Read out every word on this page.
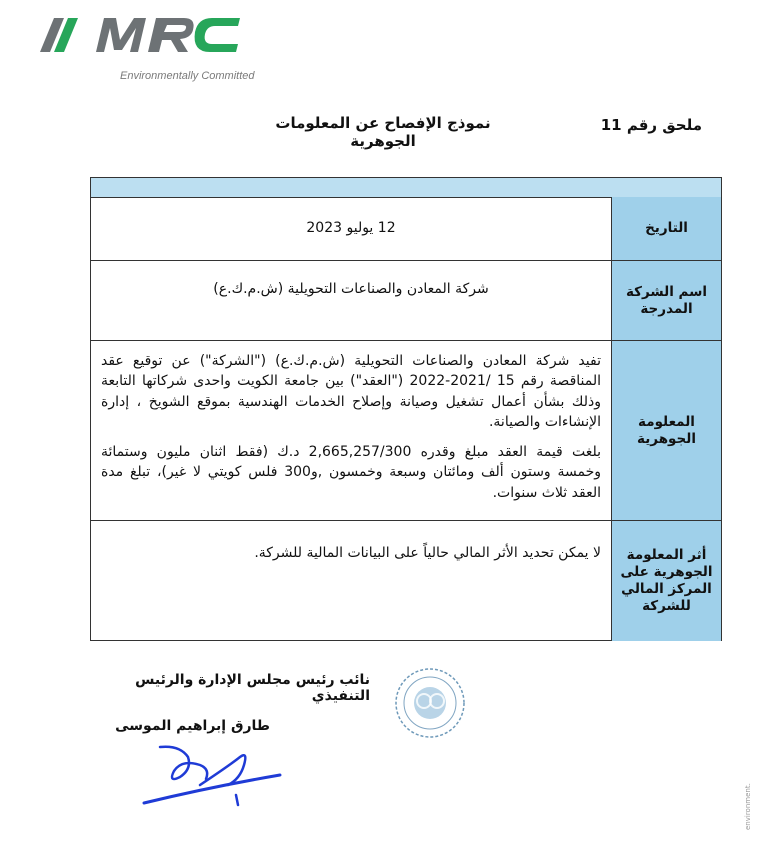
Environmentally Committed
ملحق رقم 11
نموذج الإفصاح عن المعلومات الجوهرية
التاريخ
12 يوليو 2023
اسم الشركة المدرجة
شركة المعادن والصناعات التحويلية (ش.م.ك.ع)
المعلومة الجوهرية
تفيد شركة المعادن والصناعات التحويلية (ش.م.ك.ع) ("الشركة") عن توقيع عقد المناقصة رقم 15 /2021-2022 ("العقد") بين جامعة الكويت واحدى شركاتها التابعة وذلك بشأن أعمال تشغيل وصيانة وإصلاح الخدمات الهندسية بموقع الشويخ ، إدارة الإنشاءات والصيانة.
بلغت قيمة العقد مبلغ وقدره 2,665,257/300 د.ك (فقط اثنان مليون وستمائة وخمسة وستون ألف ومائتان وسبعة وخمسون ,و300 فلس كويتي لا غير)، تبلغ مدة العقد ثلاث سنوات.
أثر المعلومة الجوهرية على المركز المالي للشركة
لا يمكن تحديد الأثر المالي حالياً على البيانات المالية للشركة.
نائب رئيس مجلس الإدارة والرئيس التنفيذي
طارق إبراهيم الموسى
environment.
